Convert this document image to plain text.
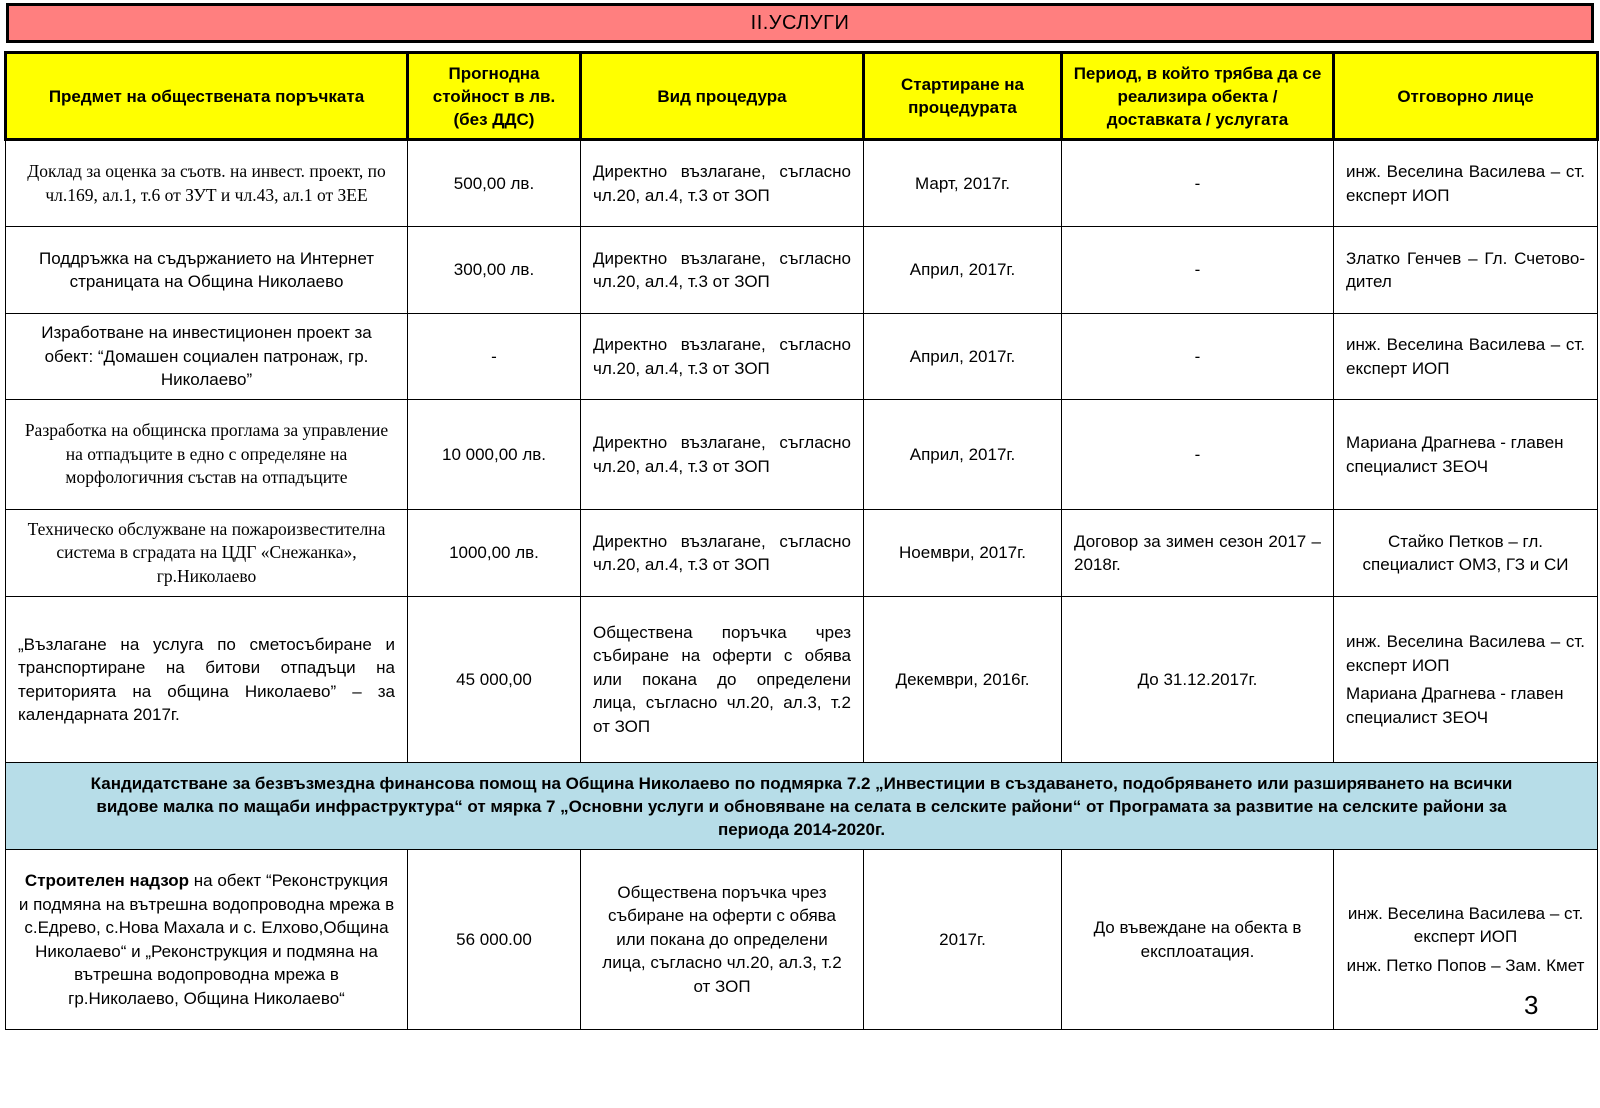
II.УСЛУГИ
Предмет на обществената поръчката	Прогнодна стойност в лв. (без ДДС)	Вид процедура	Стартиране на процедурата	Период, в който трябва да се реализира обекта / доставката / услугата	Отговорно лице
Доклад за оценка за съотв. на инвест. проект, по чл.169, ал.1, т.6 от ЗУТ и чл.43, ал.1 от ЗЕЕ	500,00 лв.	Директно възлагане, съгласно чл.20, ал.4, т.3 от ЗОП	Март, 2017г.	-	инж. Веселина Василева – ст. експерт ИОП

Поддръжка на съдържанието на Интернет страницата на Община Николаево	300,00 лв.	Директно възлагане, съгласно чл.20, ал.4, т.3 от ЗОП	Април, 2017г.	-	Златко Генчев – Гл. Счетово-дител

Изработване на инвестиционен проект за обект: “Домашен социален патронаж, гр. Николаево”	-	Директно възлагане, съгласно чл.20, ал.4, т.3 от ЗОП	Април, 2017г.	-	инж. Веселина Василева – ст. експерт ИОП

Разработка на общинска проглама за управление на отпадъците в едно с определяне на морфологичния състав на отпадъците	10 000,00 лв.	Директно възлагане, съгласно чл.20, ал.4, т.3 от ЗОП	Април, 2017г.	-	Мариана Драгнева - главен специалист ЗЕОЧ

Техническо обслужване на пожароизвестителна система в сградата на ЦДГ «Снежанка», гр.Николаево	1000,00 лв.	Директно възлагане, съгласно чл.20, ал.4, т.3 от ЗОП	Ноември, 2017г.	Договор за зимен сезон 2017 – 2018г.	Стайко Петков – гл. специалист ОМЗ, ГЗ и СИ

„Възлагане на услуга по сметосъбиране и транспортиране на битови отпадъци на територията на община Николаево” – за календарната 2017г.	45 000,00	Обществена поръчка чрез събиране на оферти с обява или покана до определени лица, съгласно чл.20, ал.3, т.2 от ЗОП	Декември, 2016г.	До 31.12.2017г.	инж. Веселина Василева – ст. експерт ИОП
Мариана Драгнева - главен специалист ЗЕОЧ

Кандидатстване за безвъзмездна финансова помощ на Община Николаево по подмярка 7.2 „Инвестиции в създаването, подобряването или разширяването на всички видове малка по мащаби инфраструктура“ от мярка 7 „Основни услуги и обновяване на селата в селските райони“ от Програмата за развитие на селските райони за периода 2014-2020г.					
Строителен надзор на обект “Реконструкция и подмяна на вътрешна водопроводна мрежа в с.Едрево, с.Нова Махала и с. Елхово,Община Николаево“ и „Реконструкция и подмяна на вътрешна водопроводна мрежа в гр.Николаево, Община Николаево“	56 000.00	Обществена поръчка чрез събиране на оферти с обява или покана до определени лица, съгласно чл.20, ал.3, т.2 от ЗОП	2017г.	До въвеждане на обекта в експлоатация.	инж. Веселина Василева – ст. експерт ИОП
инж. Петко Попов – Зам. Кмет
3
